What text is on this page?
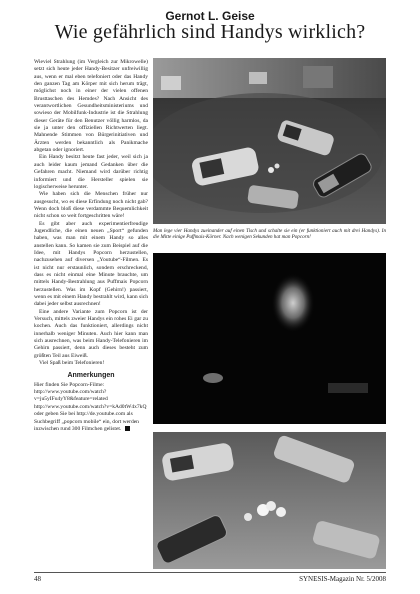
Gernot L. Geise
Wie gefährlich sind Handys wirklich?

Wieviel Strahlung (im Vergleich zur Mikrowelle) setzt sich heute jeder Handy-Besitzer unfreiwillig aus, wenn er mal eben telefoniert oder das Handy den ganzen Tag am Körper mit sich herum trägt, möglichst noch in einer der vielen offenen Brusttaschen des Hemdes? Nach Ansicht des verantwortlichen Gesundheitsministeriums und sowieso der Mobilfunk-Industrie ist die Strahlung dieser Geräte für den Benutzer völlig harmlos, da sie ja unter den offiziellen Richtwerten liegt. Mahnende Stimmen von Bürgerinitiativen und Ärzten werden bekanntlich als Panikmache abgetan oder ignoriert.

Ein Handy besitzt heute fast jeder, weil sich ja auch leider kaum jemand Gedanken über die Gefahren macht. Niemand wird darüber richtig informiert und die Hersteller spielen sie logischerweise herunter.

Wie haben sich die Menschen früher nur ausgesucht, wo es diese Erfindung noch nicht gab? Wenn doch bloß diese verdammte Bequemlichkeit nicht schon so weit fortgeschritten wäre!

Es gibt aber auch experimentierfreudige Jugendliche, die einen neuen „Sport“ gefunden haben, was man mit einem Handy so alles anstellen kann. So kamen sie zum Beispiel auf die Idee, mit Handys Popcorn herzustellen, nachzusehen auf diversen „Youtube“-Filmen. Es ist nicht nur erstaunlich, sondern erschreckend, dass es nicht einmal eine Minute brauchte, um mittels Handy-Bestrahlung aus Puffmais Popcorn herzustellen. Was im Kopf (Gehirn!) passiert, wenn es mit einem Handy bestrahlt wird, kann sich dabei jeder selbst ausrechnen!

Eine andere Variante zum Popcorn ist der Versuch, mittels zweier Handys ein rohes Ei gar zu kochen. Auch das funktioniert, allerdings nicht innerhalb weniger Minuten. Auch hier kann man sich ausrechnen, was beim Handy-Telefonieren im Gehirn passiert, denn auch dieses besteht zum größten Teil aus Eiweiß.

Viel Spaß beim Telefonieren!

Anmerkungen

Hier finden Sie Popcorn-Filme:

http://www.youtube.com/watch?v=ju5yIFu4yY8&feature=related

http://www.youtube.com/watch?v=kAd0tW4x7kQ

oder geben Sie bei http://de.youtube.com als Suchbegriff „popcorn mobile“ ein, dort werden inzwischen rund 300 Filmchen gelistet.

Man lege vier Handys zueinander auf einen Tisch und schalte sie ein (er funktioniert auch mit drei Handys). In die Mitte einige Puffmais-Körner. Nach wenigen Sekunden hat man Popcorn!
48	SYNESIS-Magazin Nr. 5/2008
